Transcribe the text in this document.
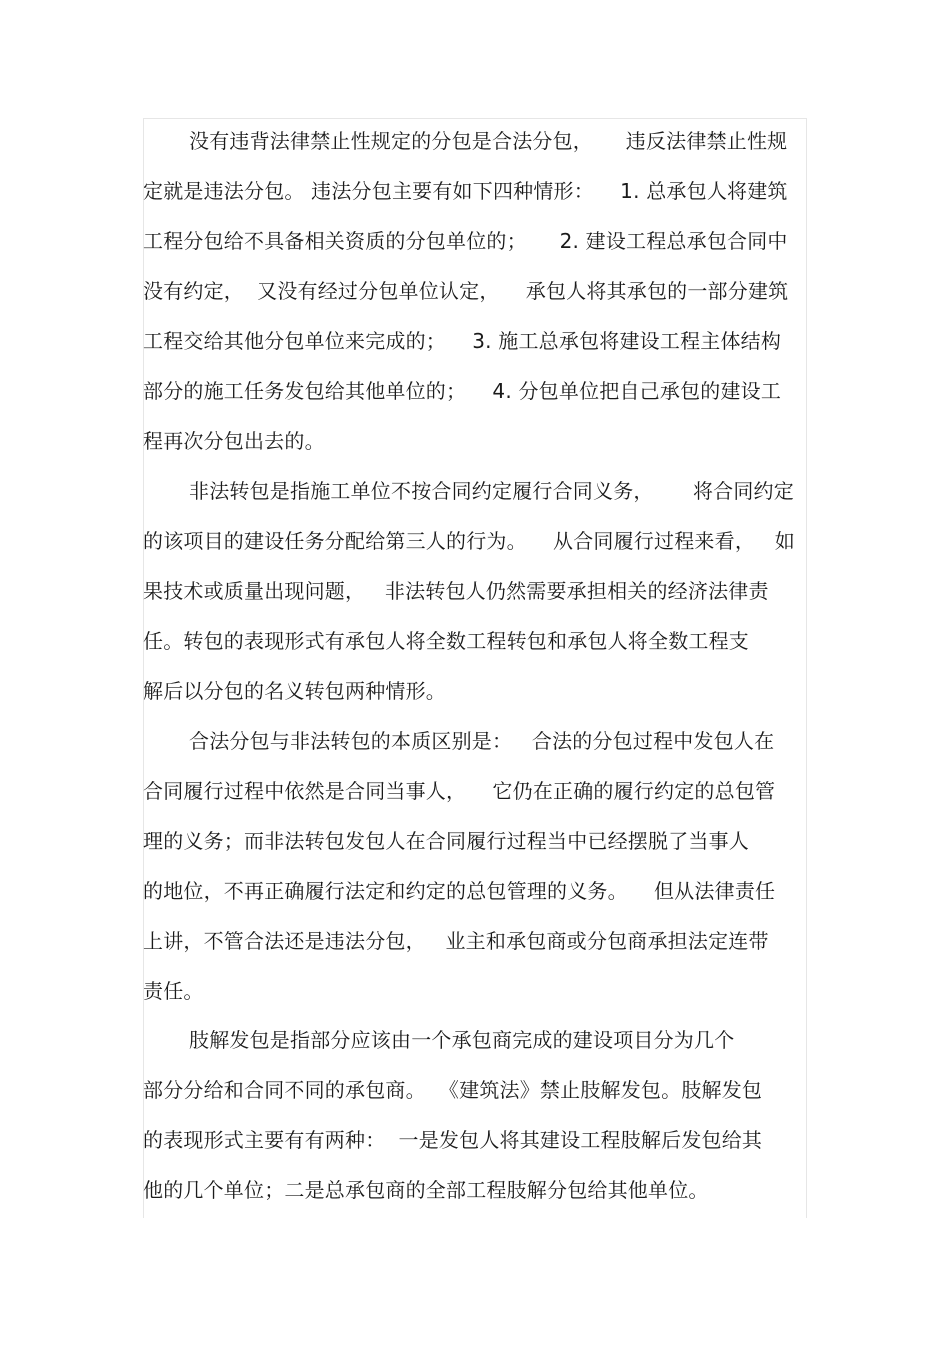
没有违背法律禁止性规定的分包是合法分包，     违反法律禁止性规
定就是违法分包。 违法分包主要有如下四种情形：    1. 总承包人将建筑
工程分包给不具备相关资质的分包单位的；     2. 建设工程总承包合同中
没有约定，  又没有经过分包单位认定，    承包人将其承包的一部分建筑
工程交给其他分包单位来完成的；    3. 施工总承包将建设工程主体结构
部分的施工任务发包给其他单位的；    4. 分包单位把自己承包的建设工
程再次分包出去的。
非法转包是指施工单位不按合同约定履行合同义务，      将合同约定
的该项目的建设任务分配给第三人的行为。    从合同履行过程来看，   如
果技术或质量出现问题，   非法转包人仍然需要承担相关的经济法律责
任。转包的表现形式有承包人将全数工程转包和承包人将全数工程支
解后以分包的名义转包两种情形。
合法分包与非法转包的本质区别是：   合法的分包过程中发包人在
合同履行过程中依然是合同当事人，    它仍在正确的履行约定的总包管
理的义务；而非法转包发包人在合同履行过程当中已经摆脱了当事人
的地位，不再正确履行法定和约定的总包管理的义务。    但从法律责任
上讲，不管合法还是违法分包，   业主和承包商或分包商承担法定连带
责任。
肢解发包是指部分应该由一个承包商完成的建设项目分为几个
部分分给和合同不同的承包商。  《建筑法》禁止肢解发包。肢解发包
的表现形式主要有有两种：  一是发包人将其建设工程肢解后发包给其
他的几个单位；二是总承包商的全部工程肢解分包给其他单位。
